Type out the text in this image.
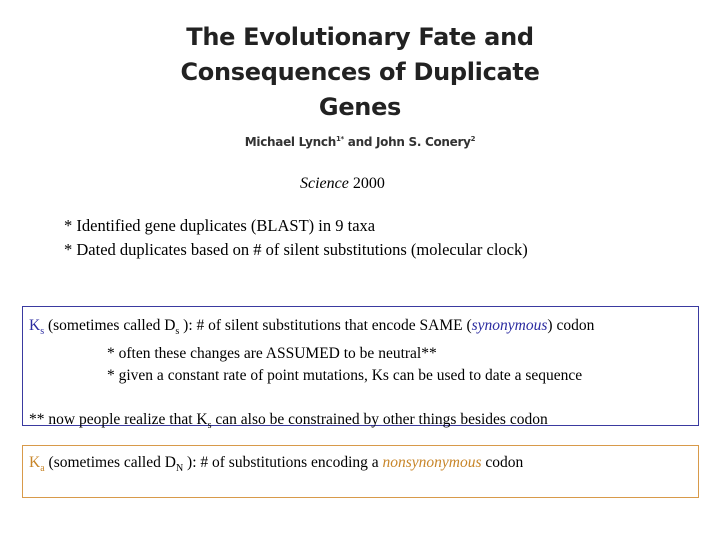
The Evolutionary Fate and
Consequences of Duplicate
Genes
Michael Lynch$^{1*}$ and John S. Conery$^2$
Science 2000
* Identified gene duplicates (BLAST) in 9 taxa
* Dated duplicates based on # of silent substitutions (molecular clock)
$K_s$ (sometimes called $D_s$ ): # of silent substitutions that encode SAME (synonymous) codon
* often these changes are ASSUMED to be neutral**
* given a constant rate of point mutations, Ks can be used to date a sequence
** now people realize that $K_s$ can also be constrained by other things besides codon
$K_a$ (sometimes called $D_N$ ): # of substitutions encoding a nonsynonymous codon
